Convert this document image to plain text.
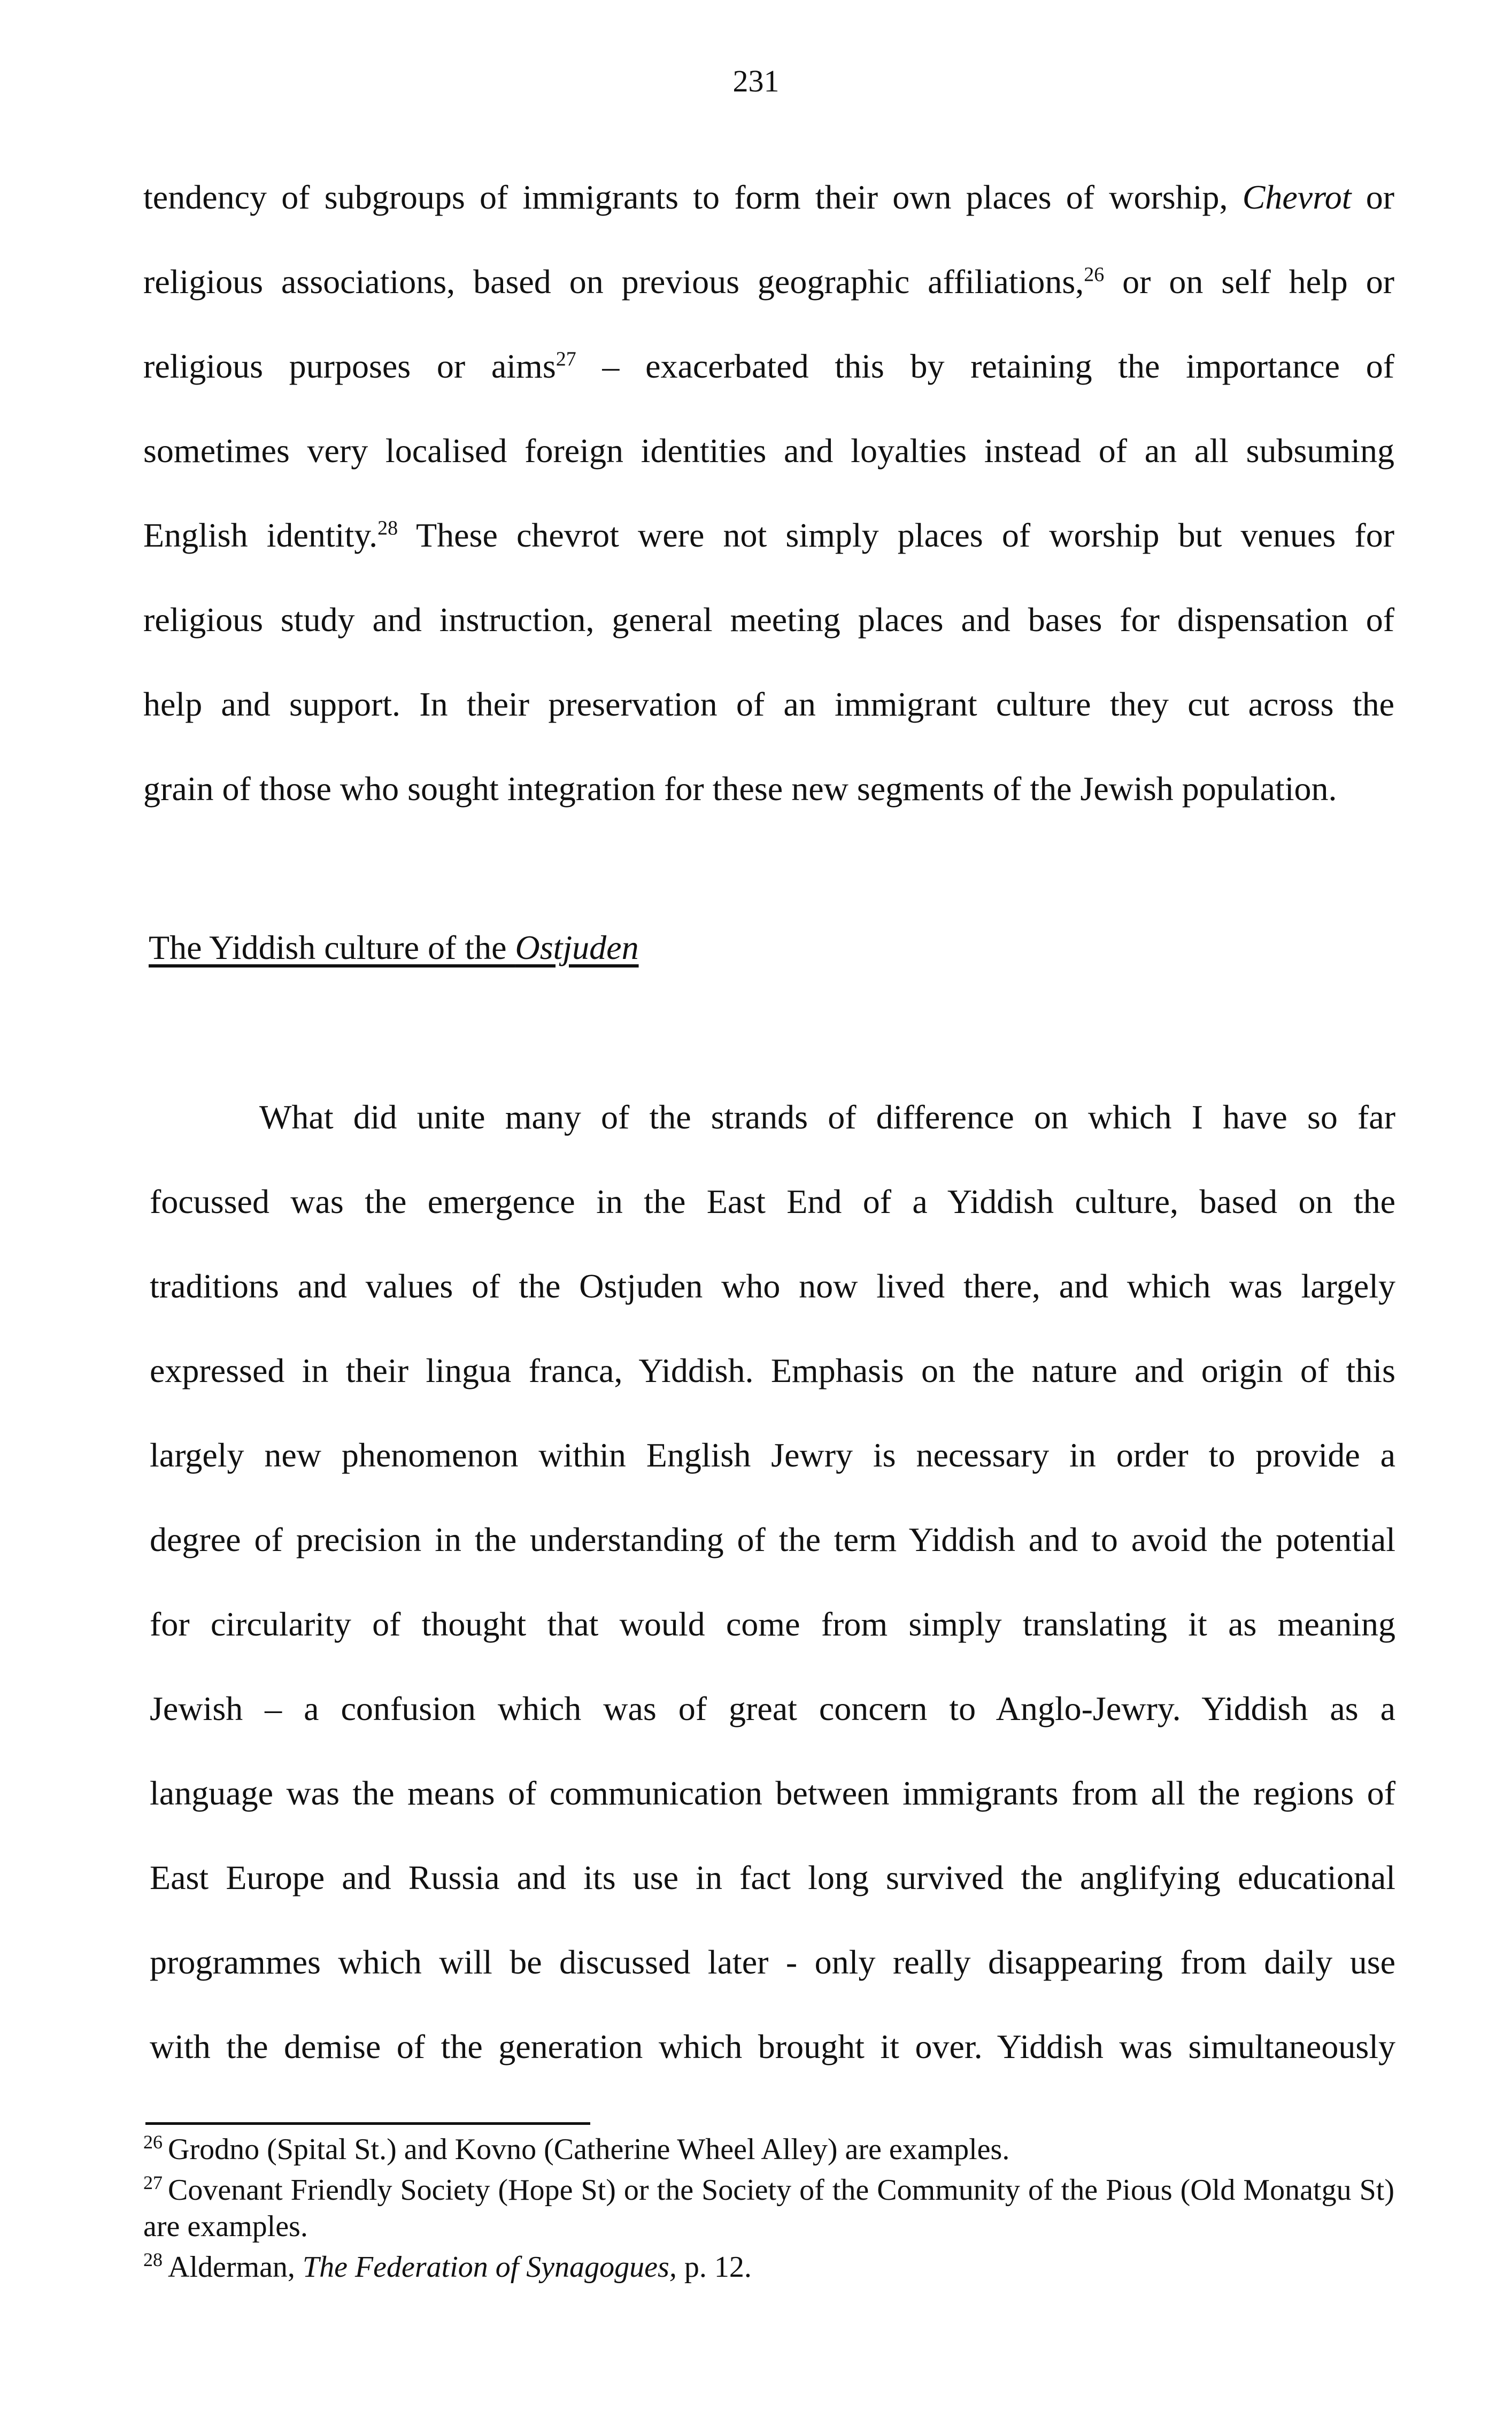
231
tendency of subgroups of immigrants to form their own places of worship, Chevrot or
religious associations, based on previous geographic affiliations,$^{26}$ or on self help or
religious purposes or aims$^{27}$ – exacerbated this by retaining the importance of
sometimes very localised foreign identities and loyalties instead of an all subsuming
English identity.$^{28}$ These chevrot were not simply places of worship but venues for
religious study and instruction, general meeting places and bases for dispensation of
help and support. In their preservation of an immigrant culture they cut across the
grain of those who sought integration for these new segments of the Jewish population.
The Yiddish culture of the Ostjuden
What did unite many of the strands of difference on which I have so far
focussed was the emergence in the East End of a Yiddish culture, based on the
traditions and values of the Ostjuden who now lived there, and which was largely
expressed in their lingua franca, Yiddish. Emphasis on the nature and origin of this
largely new phenomenon within English Jewry is necessary in order to provide a
degree of precision in the understanding of the term Yiddish and to avoid the potential
for circularity of thought that would come from simply translating it as meaning
Jewish – a confusion which was of great concern to Anglo-Jewry. Yiddish as a
language was the means of communication between immigrants from all the regions of
East Europe and Russia and its use in fact long survived the anglifying educational
programmes which will be discussed later - only really disappearing from daily use
with the demise of the generation which brought it over. Yiddish was simultaneously
$^{26}$ Grodno (Spital St.) and Kovno (Catherine Wheel Alley) are examples.
$^{27}$ Covenant Friendly Society (Hope St) or the Society of the Community of the Pious (Old Monatgu St) are examples.
$^{28}$ Alderman, The Federation of Synagogues, p. 12.
